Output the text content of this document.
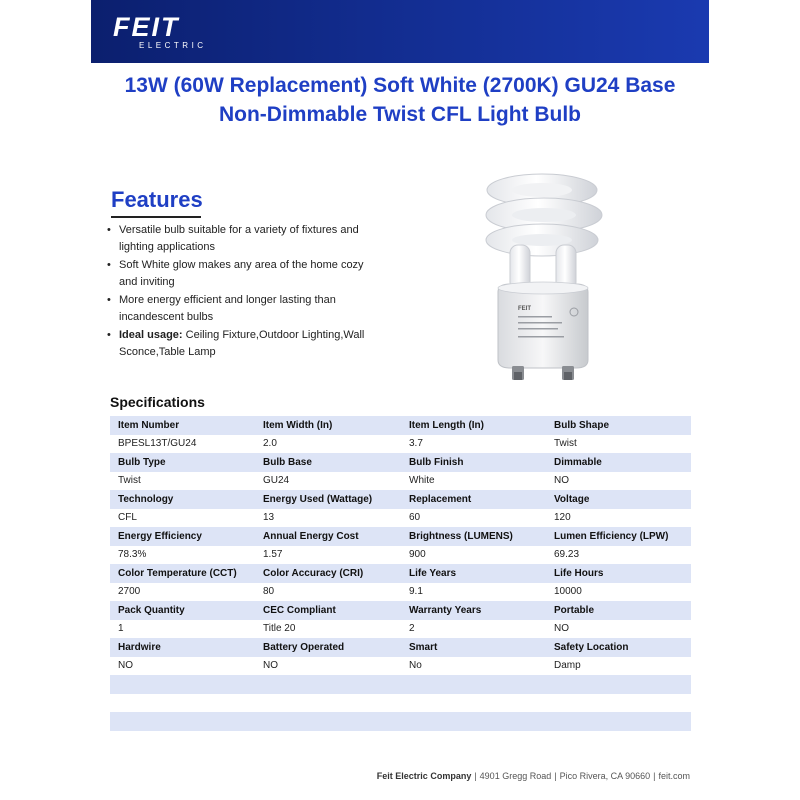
FEIT
ELECTRIC
13W (60W Replacement) Soft White (2700K) GU24 Base
Non-Dimmable Twist CFL Light Bulb
Features
• Versatile bulb suitable for a variety of fixtures and lighting applications
• Soft White glow makes any area of the home cozy and inviting
• More energy efficient and longer lasting than incandescent bulbs
• Ideal usage: Ceiling Fixture,Outdoor Lighting,Wall Sconce,Table Lamp
FEIT
Specifications
Item Number	Item Width (In)	Item Length (In)	Bulb Shape
BPESL13T/GU24	2.0	3.7	Twist
Bulb Type	Bulb Base	Bulb Finish	Dimmable
Twist	GU24	White	NO
Technology	Energy Used (Wattage)	Replacement	Voltage
CFL	13	60	120
Energy Efficiency	Annual Energy Cost	Brightness (LUMENS)	Lumen Efficiency (LPW)
78.3%	1.57	900	69.23
Color Temperature (CCT)	Color Accuracy (CRI)	Life Years	Life Hours
2700	80	9.1	10000
Pack Quantity	CEC Compliant	Warranty Years	Portable
1	Title 20	2	NO
Hardwire	Battery Operated	Smart	Safety Location
NO	NO	No	Damp

Feit Electric Company | 4901 Gregg Road | Pico Rivera, CA 90660 | feit.com
